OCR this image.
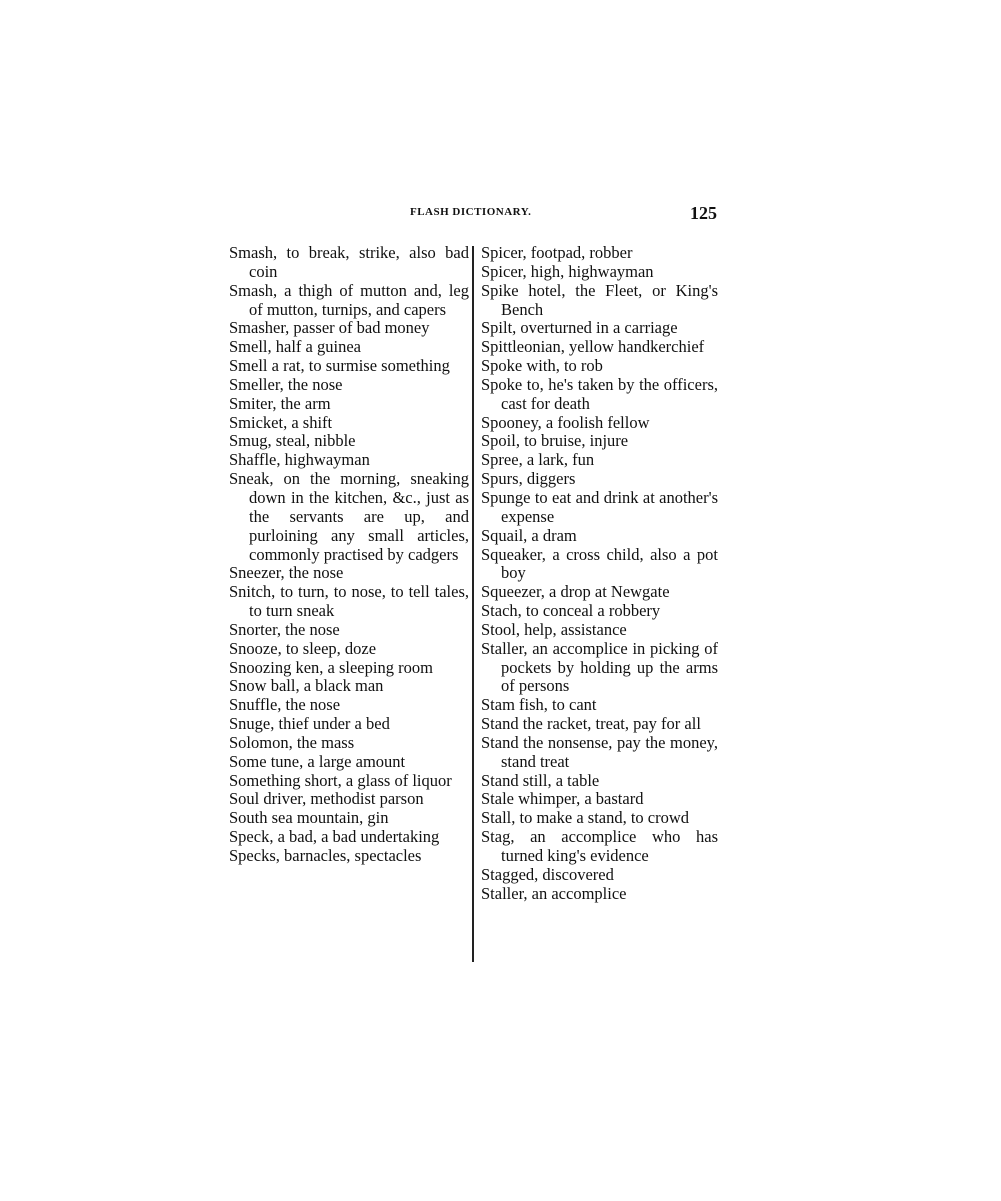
FLASH DICTIONARY.	125

Smash, to break, strike, also bad coin

Smash, a thigh of mutton and, leg of mutton, turnips, and capers

Smasher, passer of bad money

Smell, half a guinea

Smell a rat, to surmise something

Smeller, the nose

Smiter, the arm

Smicket, a shift

Smug, steal, nibble

Shaffle, highwayman

Sneak, on the morning, sneaking down in the kitchen, &c., just as the servants are up, and purloining any small articles, commonly practised by cadgers

Sneezer, the nose

Snitch, to turn, to nose, to tell tales, to turn sneak

Snorter, the nose

Snooze, to sleep, doze

Snoozing ken, a sleeping room

Snow ball, a black man

Snuffle, the nose

Snuge, thief under a bed

Solomon, the mass

Some tune, a large amount

Something short, a glass of liquor

Soul driver, methodist parson

South sea mountain, gin

Speck, a bad, a bad undertaking

Specks, barnacles, spectacles

Spicer, footpad, robber

Spicer, high, highwayman

Spike hotel, the Fleet, or King's Bench

Spilt, overturned in a carriage

Spittleonian, yellow handkerchief

Spoke with, to rob

Spoke to, he's taken by the officers, cast for death

Spooney, a foolish fellow

Spoil, to bruise, injure

Spree, a lark, fun

Spurs, diggers

Spunge to eat and drink at another's expense

Squail, a dram

Squeaker, a cross child, also a pot boy

Squeezer, a drop at Newgate

Stach, to conceal a robbery

Stool, help, assistance

Staller, an accomplice in picking of pockets by holding up the arms of persons

Stam fish, to cant

Stand the racket, treat, pay for all

Stand the nonsense, pay the money, stand treat

Stand still, a table

Stale whimper, a bastard

Stall, to make a stand, to crowd

Stag, an accomplice who has turned king's evidence

Stagged, discovered

Staller, an accomplice
